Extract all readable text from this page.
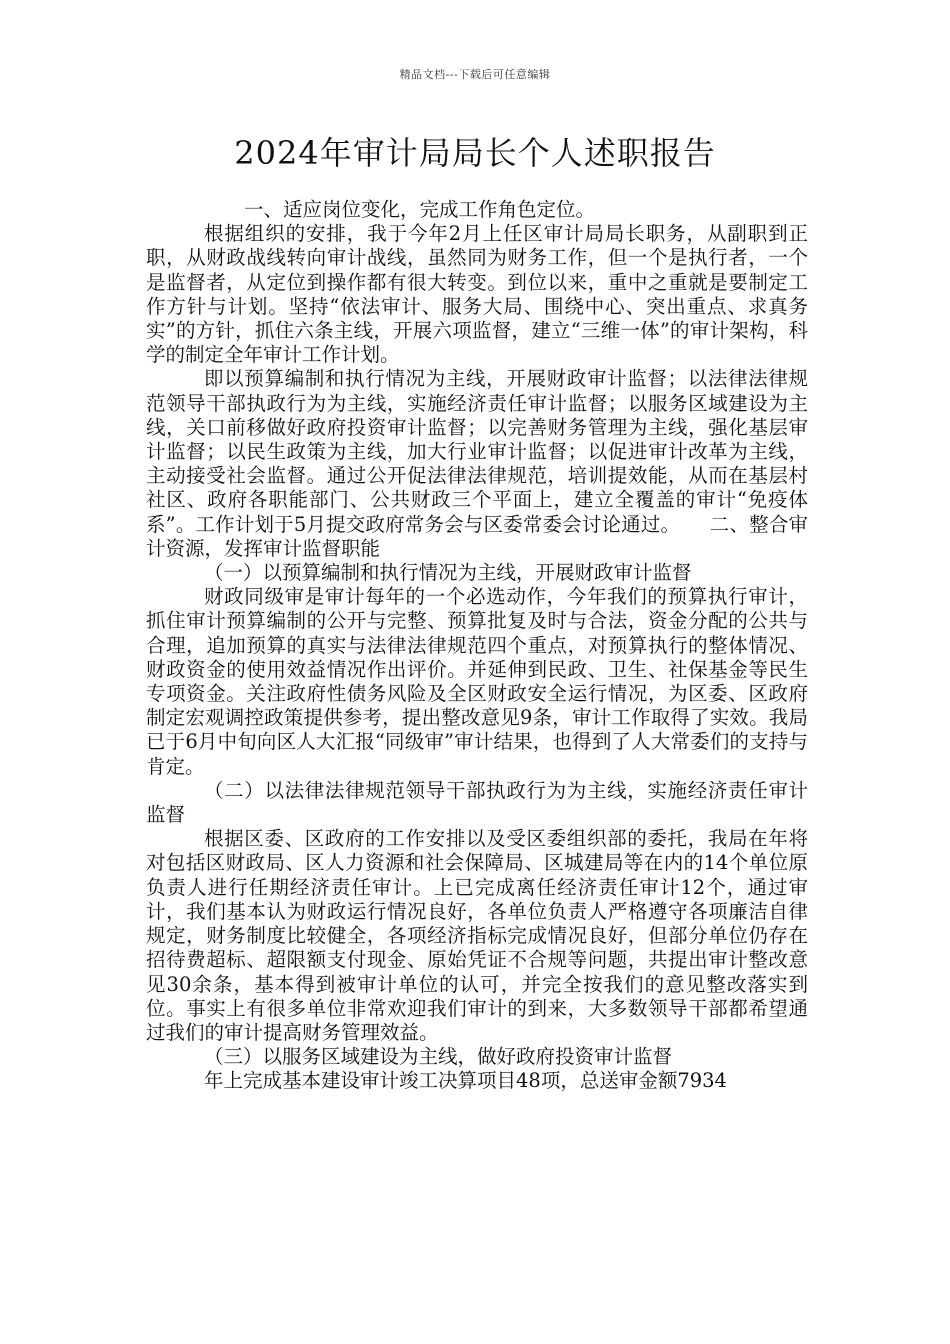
精品文档---下载后可任意编辑
2024年审计局局长个人述职报告

一、适应岗位变化，完成工作角色定位。

根据组织的安排，我于今年2月上任区审计局局长职务，从副职到正职，从财政战线转向审计战线，虽然同为财务工作，但一个是执行者，一个是监督者，从定位到操作都有很大转变。到位以来，重中之重就是要制定工作方针与计划。坚持“依法审计、服务大局、围绕中心、突出重点、求真务实”的方针，抓住六条主线，开展六项监督，建立“三维一体”的审计架构，科学的制定全年审计工作计划。

即以预算编制和执行情况为主线，开展财政审计监督；以法律法律规范领导干部执政行为为主线，实施经济责任审计监督；以服务区域建设为主线，关口前移做好政府投资审计监督；以完善财务管理为主线，强化基层审计监督；以民生政策为主线，加大行业审计监督；以促进审计改革为主线，主动接受社会监督。通过公开促法律法律规范，培训提效能，从而在基层村社区、政府各职能部门、公共财政三个平面上，建立全覆盖的审计“免疫体系”。工作计划于5月提交政府常务会与区委常委会讨论通过。　　二、整合审计资源，发挥审计监督职能

（一）以预算编制和执行情况为主线，开展财政审计监督

财政同级审是审计每年的一个必选动作，今年我们的预算执行审计，抓住审计预算编制的公开与完整、预算批复及时与合法，资金分配的公共与合理，追加预算的真实与法律法律规范四个重点，对预算执行的整体情况、财政资金的使用效益情况作出评价。并延伸到民政、卫生、社保基金等民生专项资金。关注政府性债务风险及全区财政安全运行情况，为区委、区政府制定宏观调控政策提供参考，提出整改意见9条，审计工作取得了实效。我局已于6月中旬向区人大汇报“同级审”审计结果，也得到了人大常委们的支持与肯定。

（二）以法律法律规范领导干部执政行为为主线，实施经济责任审计监督

根据区委、区政府的工作安排以及受区委组织部的委托，我局在年将对包括区财政局、区人力资源和社会保障局、区城建局等在内的14个单位原负责人进行任期经济责任审计。上已完成离任经济责任审计12个，通过审计，我们基本认为财政运行情况良好，各单位负责人严格遵守各项廉洁自律规定，财务制度比较健全，各项经济指标完成情况良好，但部分单位仍存在招待费超标、超限额支付现金、原始凭证不合规等问题，共提出审计整改意见30余条，基本得到被审计单位的认可，并完全按我们的意见整改落实到位。事实上有很多单位非常欢迎我们审计的到来，大多数领导干部都希望通过我们的审计提高财务管理效益。

（三）以服务区域建设为主线，做好政府投资审计监督

年上完成基本建设审计竣工决算项目48项，总送审金额7934
